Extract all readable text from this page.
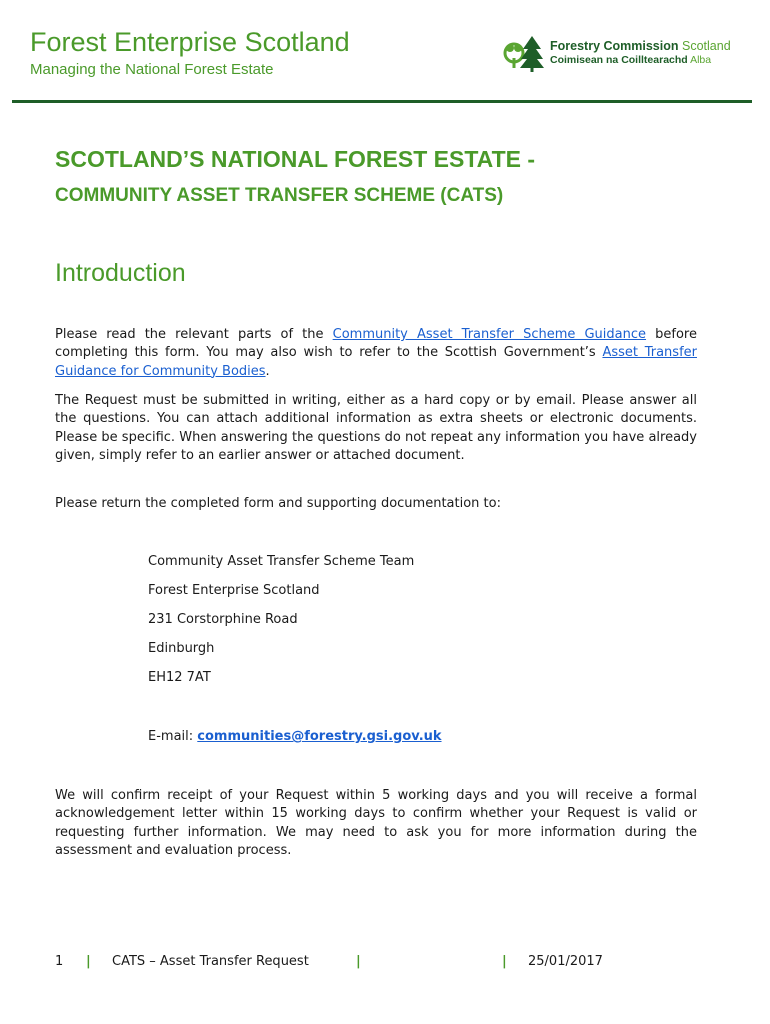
Forest Enterprise Scotland
Managing the National Forest Estate
Forestry Commission Scotland
Coimisean na Coilltearachd Alba
SCOTLAND’S NATIONAL FOREST ESTATE -
COMMUNITY ASSET TRANSFER SCHEME (CATS)
Introduction

Please read the relevant parts of the Community Asset Transfer Scheme Guidance before completing this form. You may also wish to refer to the Scottish Government’s Asset Transfer Guidance for Community Bodies.

The Request must be submitted in writing, either as a hard copy or by email. Please answer all the questions. You can attach additional information as extra sheets or electronic documents. Please be specific. When answering the questions do not repeat any information you have already given, simply refer to an earlier answer or attached document.

Please return the completed form and supporting documentation to:

Community Asset Transfer Scheme Team
Forest Enterprise Scotland
231 Corstorphine Road
Edinburgh
EH12 7AT
E-mail: communities@forestry.gsi.gov.uk

We will confirm receipt of your Request within 5 working days and you will receive a formal acknowledgement letter within 15 working days to confirm whether your Request is valid or requesting further information. We may need to ask you for more information during the assessment and evaluation process.

1 | CATS – Asset Transfer Request	|	| 25/01/2017
